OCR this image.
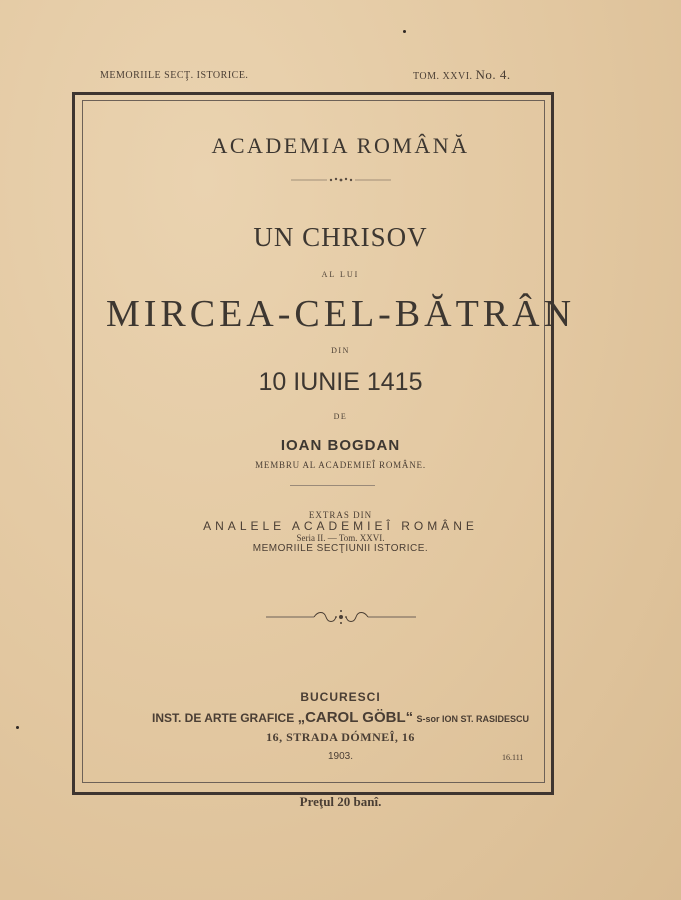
MEMORIILE SECŢ. ISTORICE.	TOM. XXVI. No. 4.
ACADEMIA ROMÂNĂ
UN CHRISOV
AL LUI
MIRCEA-CEL-BĂTRÂN
DIN
10 IUNIE 1415
DE
IOAN BOGDAN
MEMBRU AL ACADEMIEÎ ROMÂNE.
EXTRAS DIN
ANALELE ACADEMIEÎ ROMÂNE
Seria II. — Tom. XXVI.
MEMORIILE SECŢIUNII ISTORICE.
BUCURESCI
INST. DE ARTE GRAFICE „CAROL GÖBL“ S-sor ION ST. RASIDESCU
16, STRADA DÓMNEÎ, 16
1903.	16.111
Preţul 20 banî.
